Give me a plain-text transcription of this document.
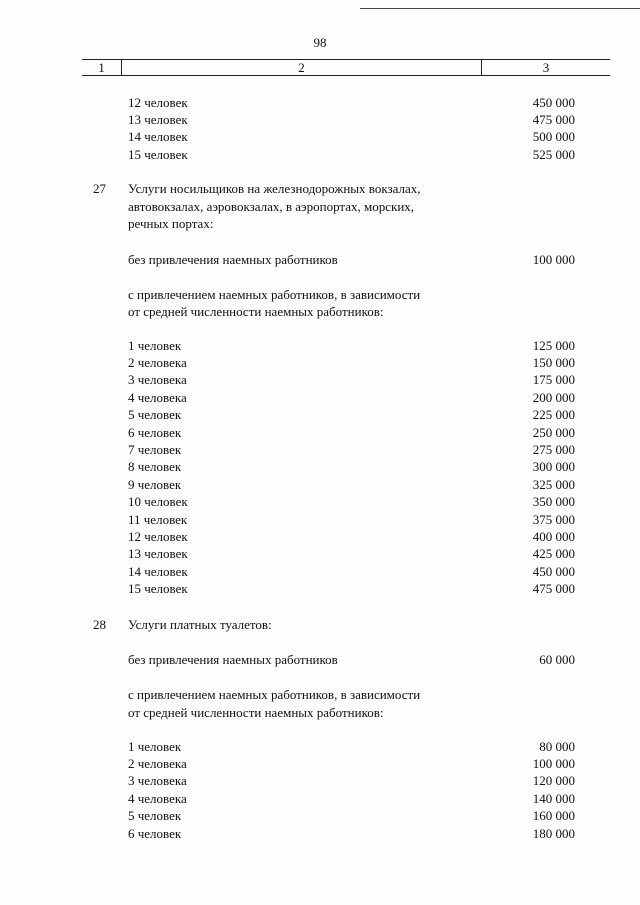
98
1	2	3
12 человек	450 000
13 человек	475 000
14 человек	500 000
15 человек	525 000
27 Услуги носильщиков на железнодорожных вокзалах,
автовокзалах, аэровокзалах, в аэропортах, морских,
речных портах:
без привлечения наемных работников	100 000
с привлечением наемных работников, в зависимости
от средней численности наемных работников:
1 человек	125 000
2 человека	150 000
3 человека	175 000
4 человека	200 000
5 человек	225 000
6 человек	250 000
7 человек	275 000
8 человек	300 000
9 человек	325 000
10 человек	350 000
11 человек	375 000
12 человек	400 000
13 человек	425 000
14 человек	450 000
15 человек	475 000
28 Услуги платных туалетов:
без привлечения наемных работников	60 000
с привлечением наемных работников, в зависимости
от средней численности наемных работников:
1 человек	80 000
2 человека	100 000
3 человека	120 000
4 человека	140 000
5 человек	160 000
6 человек	180 000
